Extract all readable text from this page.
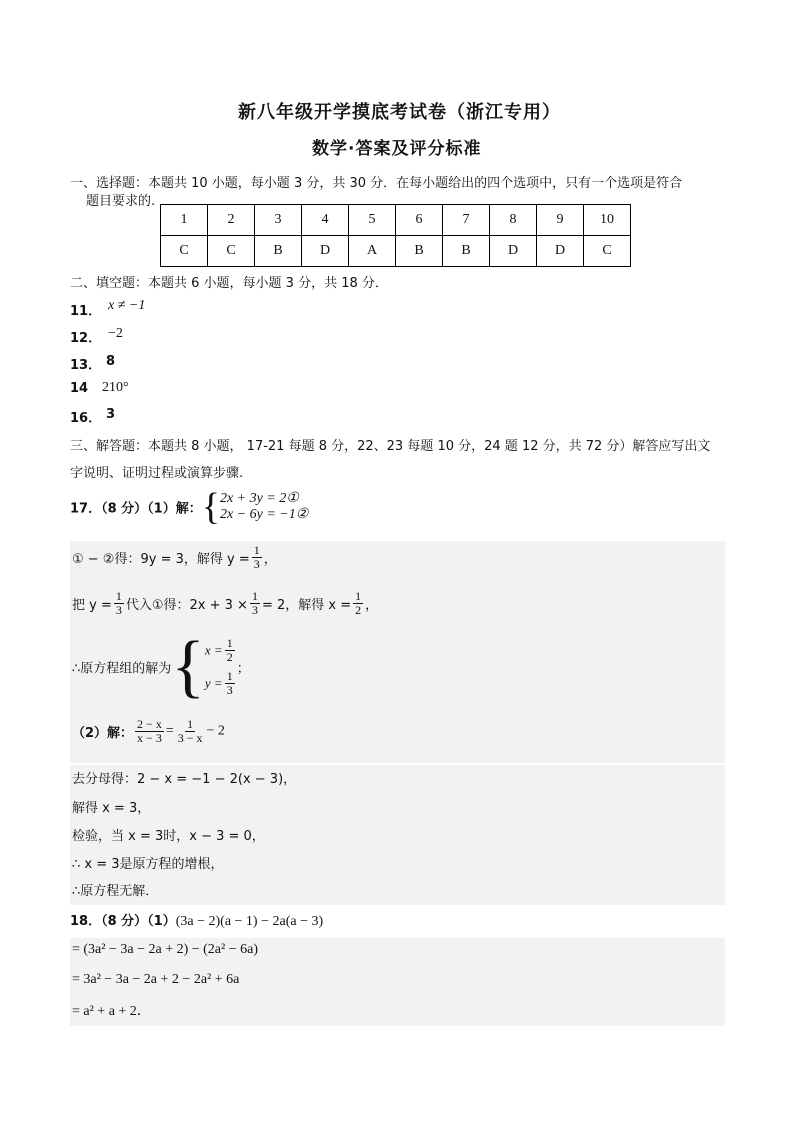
新八年级开学摸底考试卷（浙江专用）
数学·答案及评分标准
一、选择题：本题共 10 小题，每小题 3 分，共 30 分．在每小题给出的四个选项中，只有一个选项是符合
题目要求的.
1	2	3	4	5	6	7	8	9	10
C	C	B	D	A	B	B	D	D	C
二、填空题：本题共 6 小题，每小题 3 分，共 18 分．
11． x ≠ −1
12． −2
13． 8
14 210°
16． 3
三、解答题：本题共 8 小题， 17-21 每题 8 分，22、23 每题 10 分，24 题 12 分，共 72 分）解答应写出文
字说明、证明过程或演算步骤.
17．（8 分）（1）解：{ 2x + 3y = 2①
2x − 6y = −1②
① − ②得：9y = 3，解得 $y = \frac{1}{3}$ ，
把 $y = \frac{1}{3}$ 代入①得：$2x + 3 \times \frac{1}{3} = 2$，解得 $x = \frac{1}{2}$ ，
∴原方程组的解为{ $x = \frac{1}{2}$
$y = \frac{1}{3}$
；
（2）解： $\frac{2 - x}{x - 3} = \frac{1}{3 - x} - 2$
去分母得：2 − x = −1 − 2(x − 3)，
解得 x = 3，
检验，当 x = 3时，x − 3 = 0，
∴ x = 3是原方程的增根，
∴原方程无解．
18．（8 分）（1）(3a − 2)(a − 1) − 2a(a − 3)
= (3a² − 3a − 2a + 2) − (2a² − 6a)
= 3a² − 3a − 2a + 2 − 2a² + 6a
= a² + a + 2．
